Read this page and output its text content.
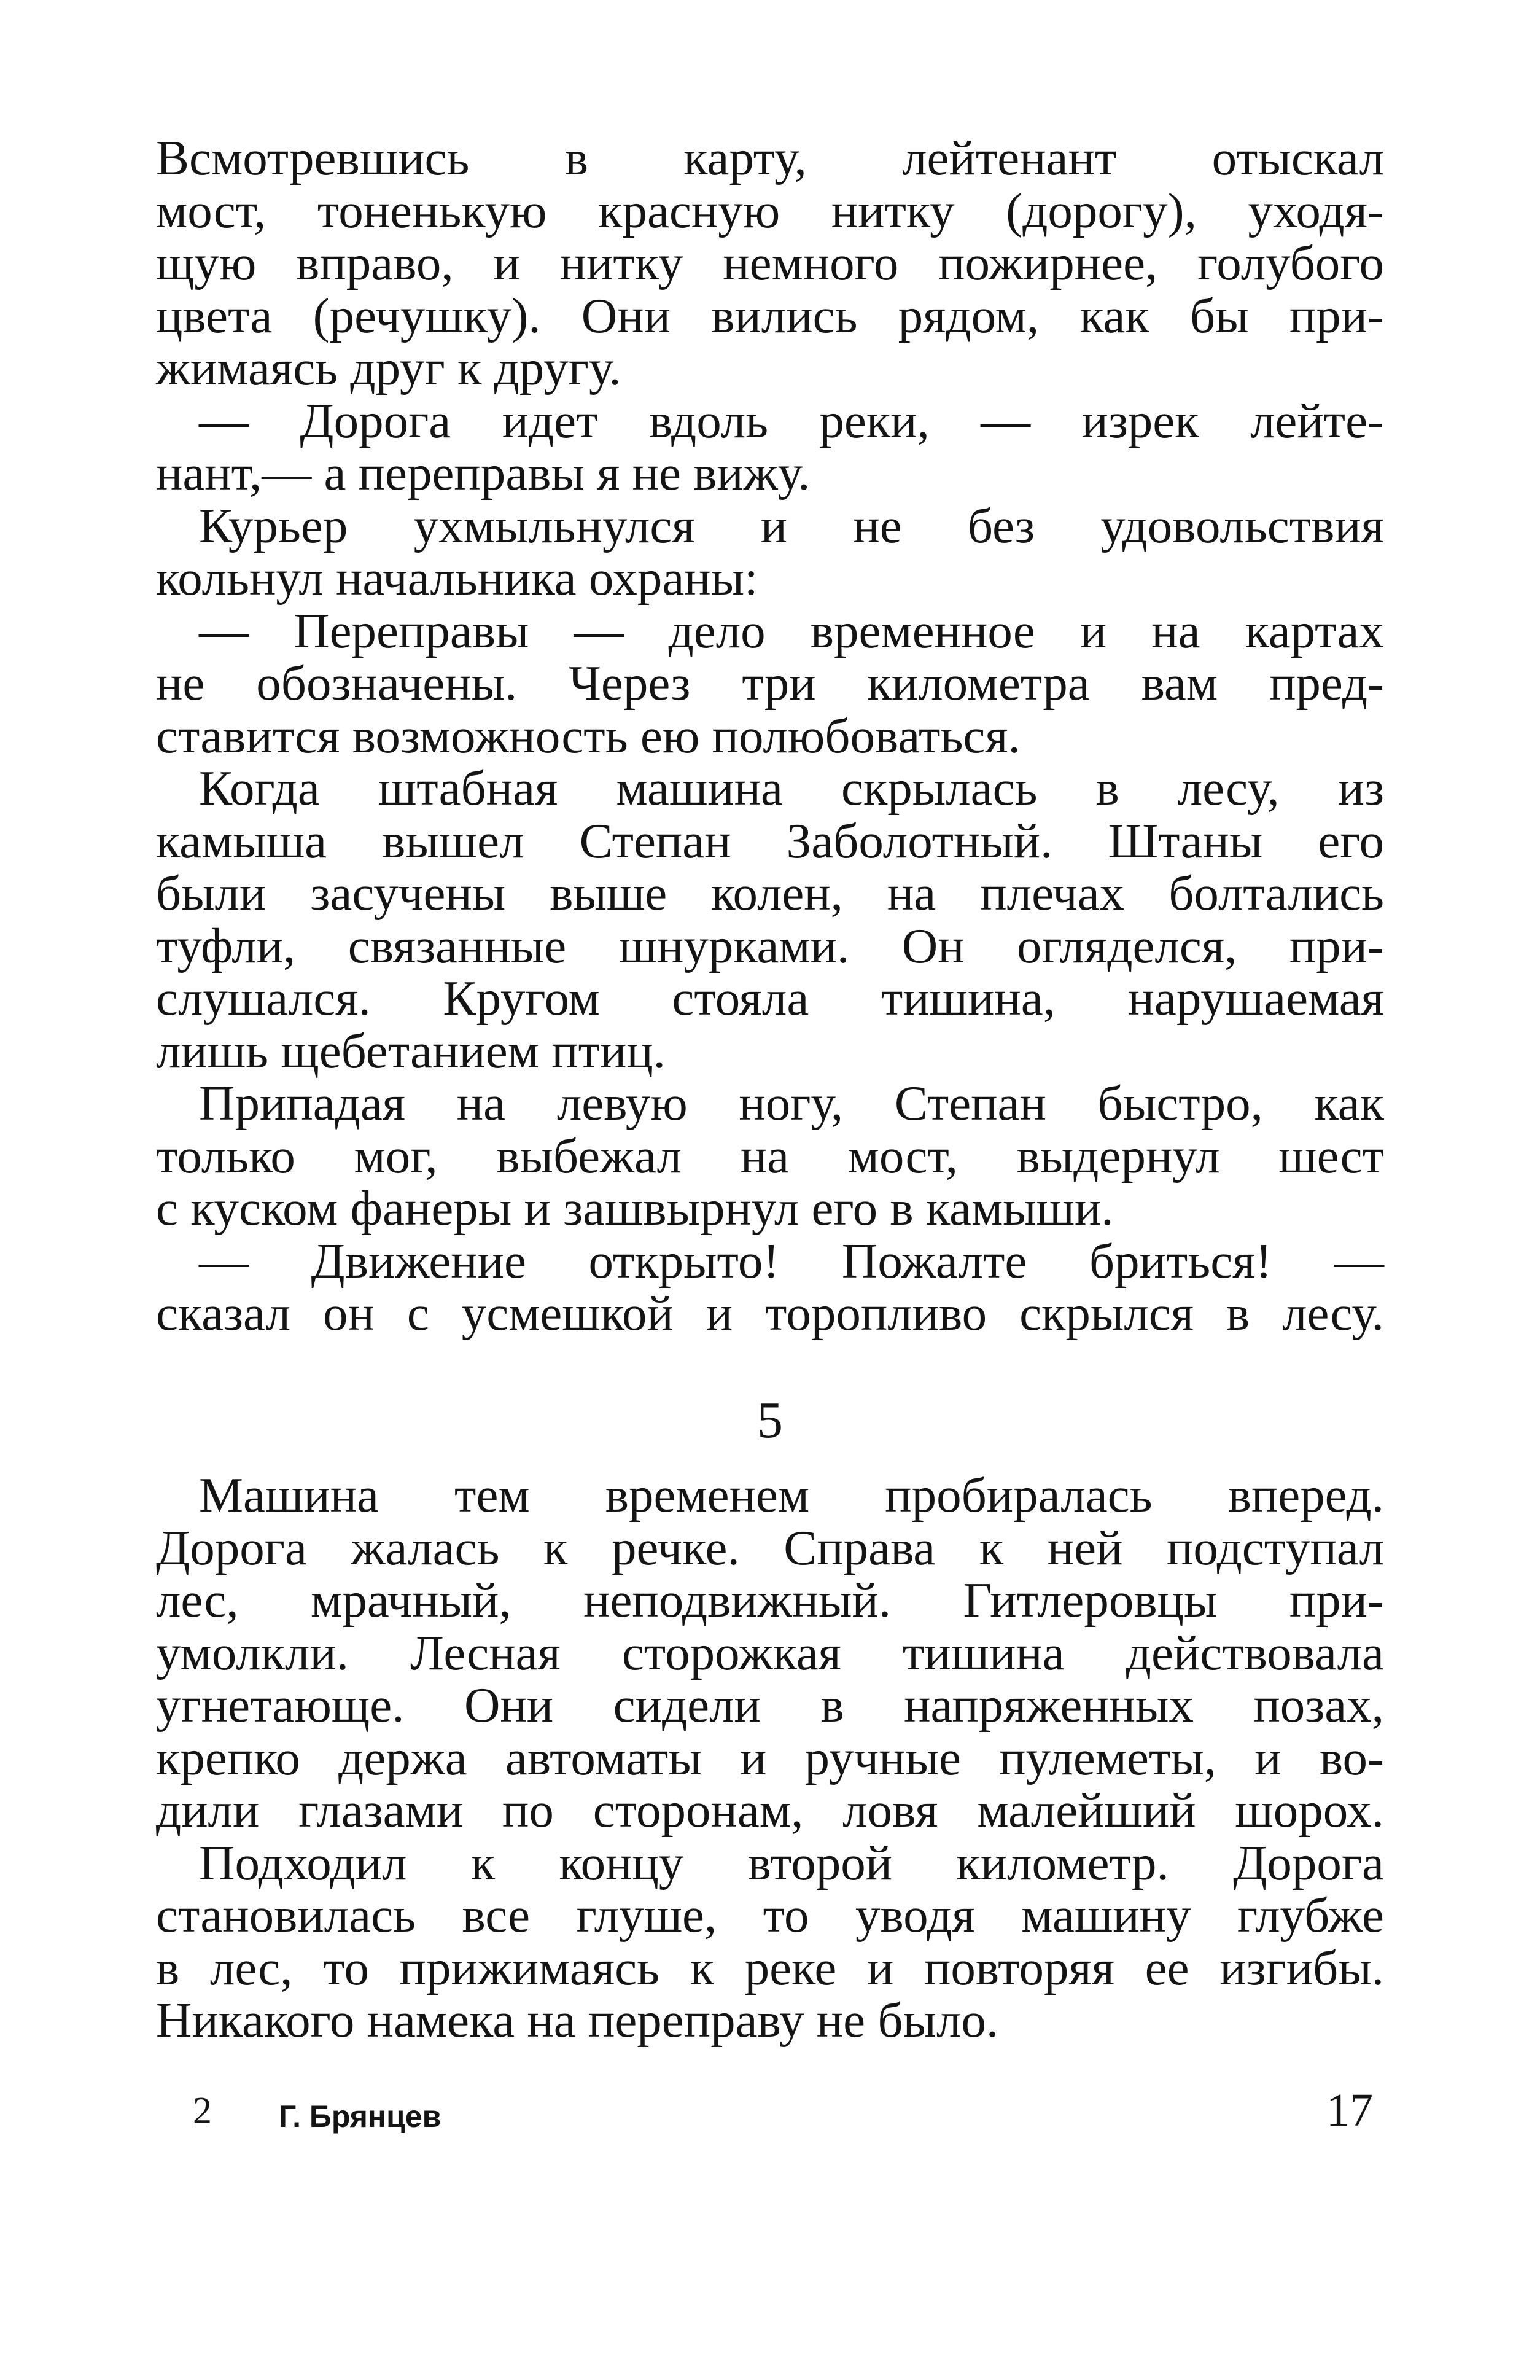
Всмотревшись в карту, лейтенант отыскал
мост, тоненькую красную нитку (дорогу), уходя-
щую вправо, и нитку немного пожирнее, голубого
цвета (речушку). Они вились рядом, как бы при-
жимаясь друг к другу.
— Дорога идет вдоль реки, — изрек лейте-
нант,— а переправы я не вижу.
Курьер ухмыльнулся и не без удовольствия
кольнул начальника охраны:
— Переправы — дело временное и на картах
не обозначены. Через три километра вам пред-
ставится возможность ею полюбоваться.
Когда штабная машина скрылась в лесу, из
камыша вышел Степан Заболотный. Штаны его
были засучены выше колен, на плечах болтались
туфли, связанные шнурками. Он огляделся, при-
слушался. Кругом стояла тишина, нарушаемая
лишь щебетанием птиц.
Припадая на левую ногу, Степан быстро, как
только мог, выбежал на мост, выдернул шест
с куском фанеры и зашвырнул его в камыши.
— Движение открыто! Пожалте бриться! —
сказал он с усмешкой и торопливо скрылся в лесу.
5
Машина тем временем пробиралась вперед.
Дорога жалась к речке. Справа к ней подступал
лес, мрачный, неподвижный. Гитлеровцы при-
умолкли. Лесная сторожкая тишина действовала
угнетающе. Они сидели в напряженных позах,
крепко держа автоматы и ручные пулеметы, и во-
дили глазами по сторонам, ловя малейший шорох.
Подходил к концу второй километр. Дорога
становилась все глуше, то уводя машину глубже
в лес, то прижимаясь к реке и повторяя ее изгибы.
Никакого намека на переправу не было.
2 Г. Брянцев	17
